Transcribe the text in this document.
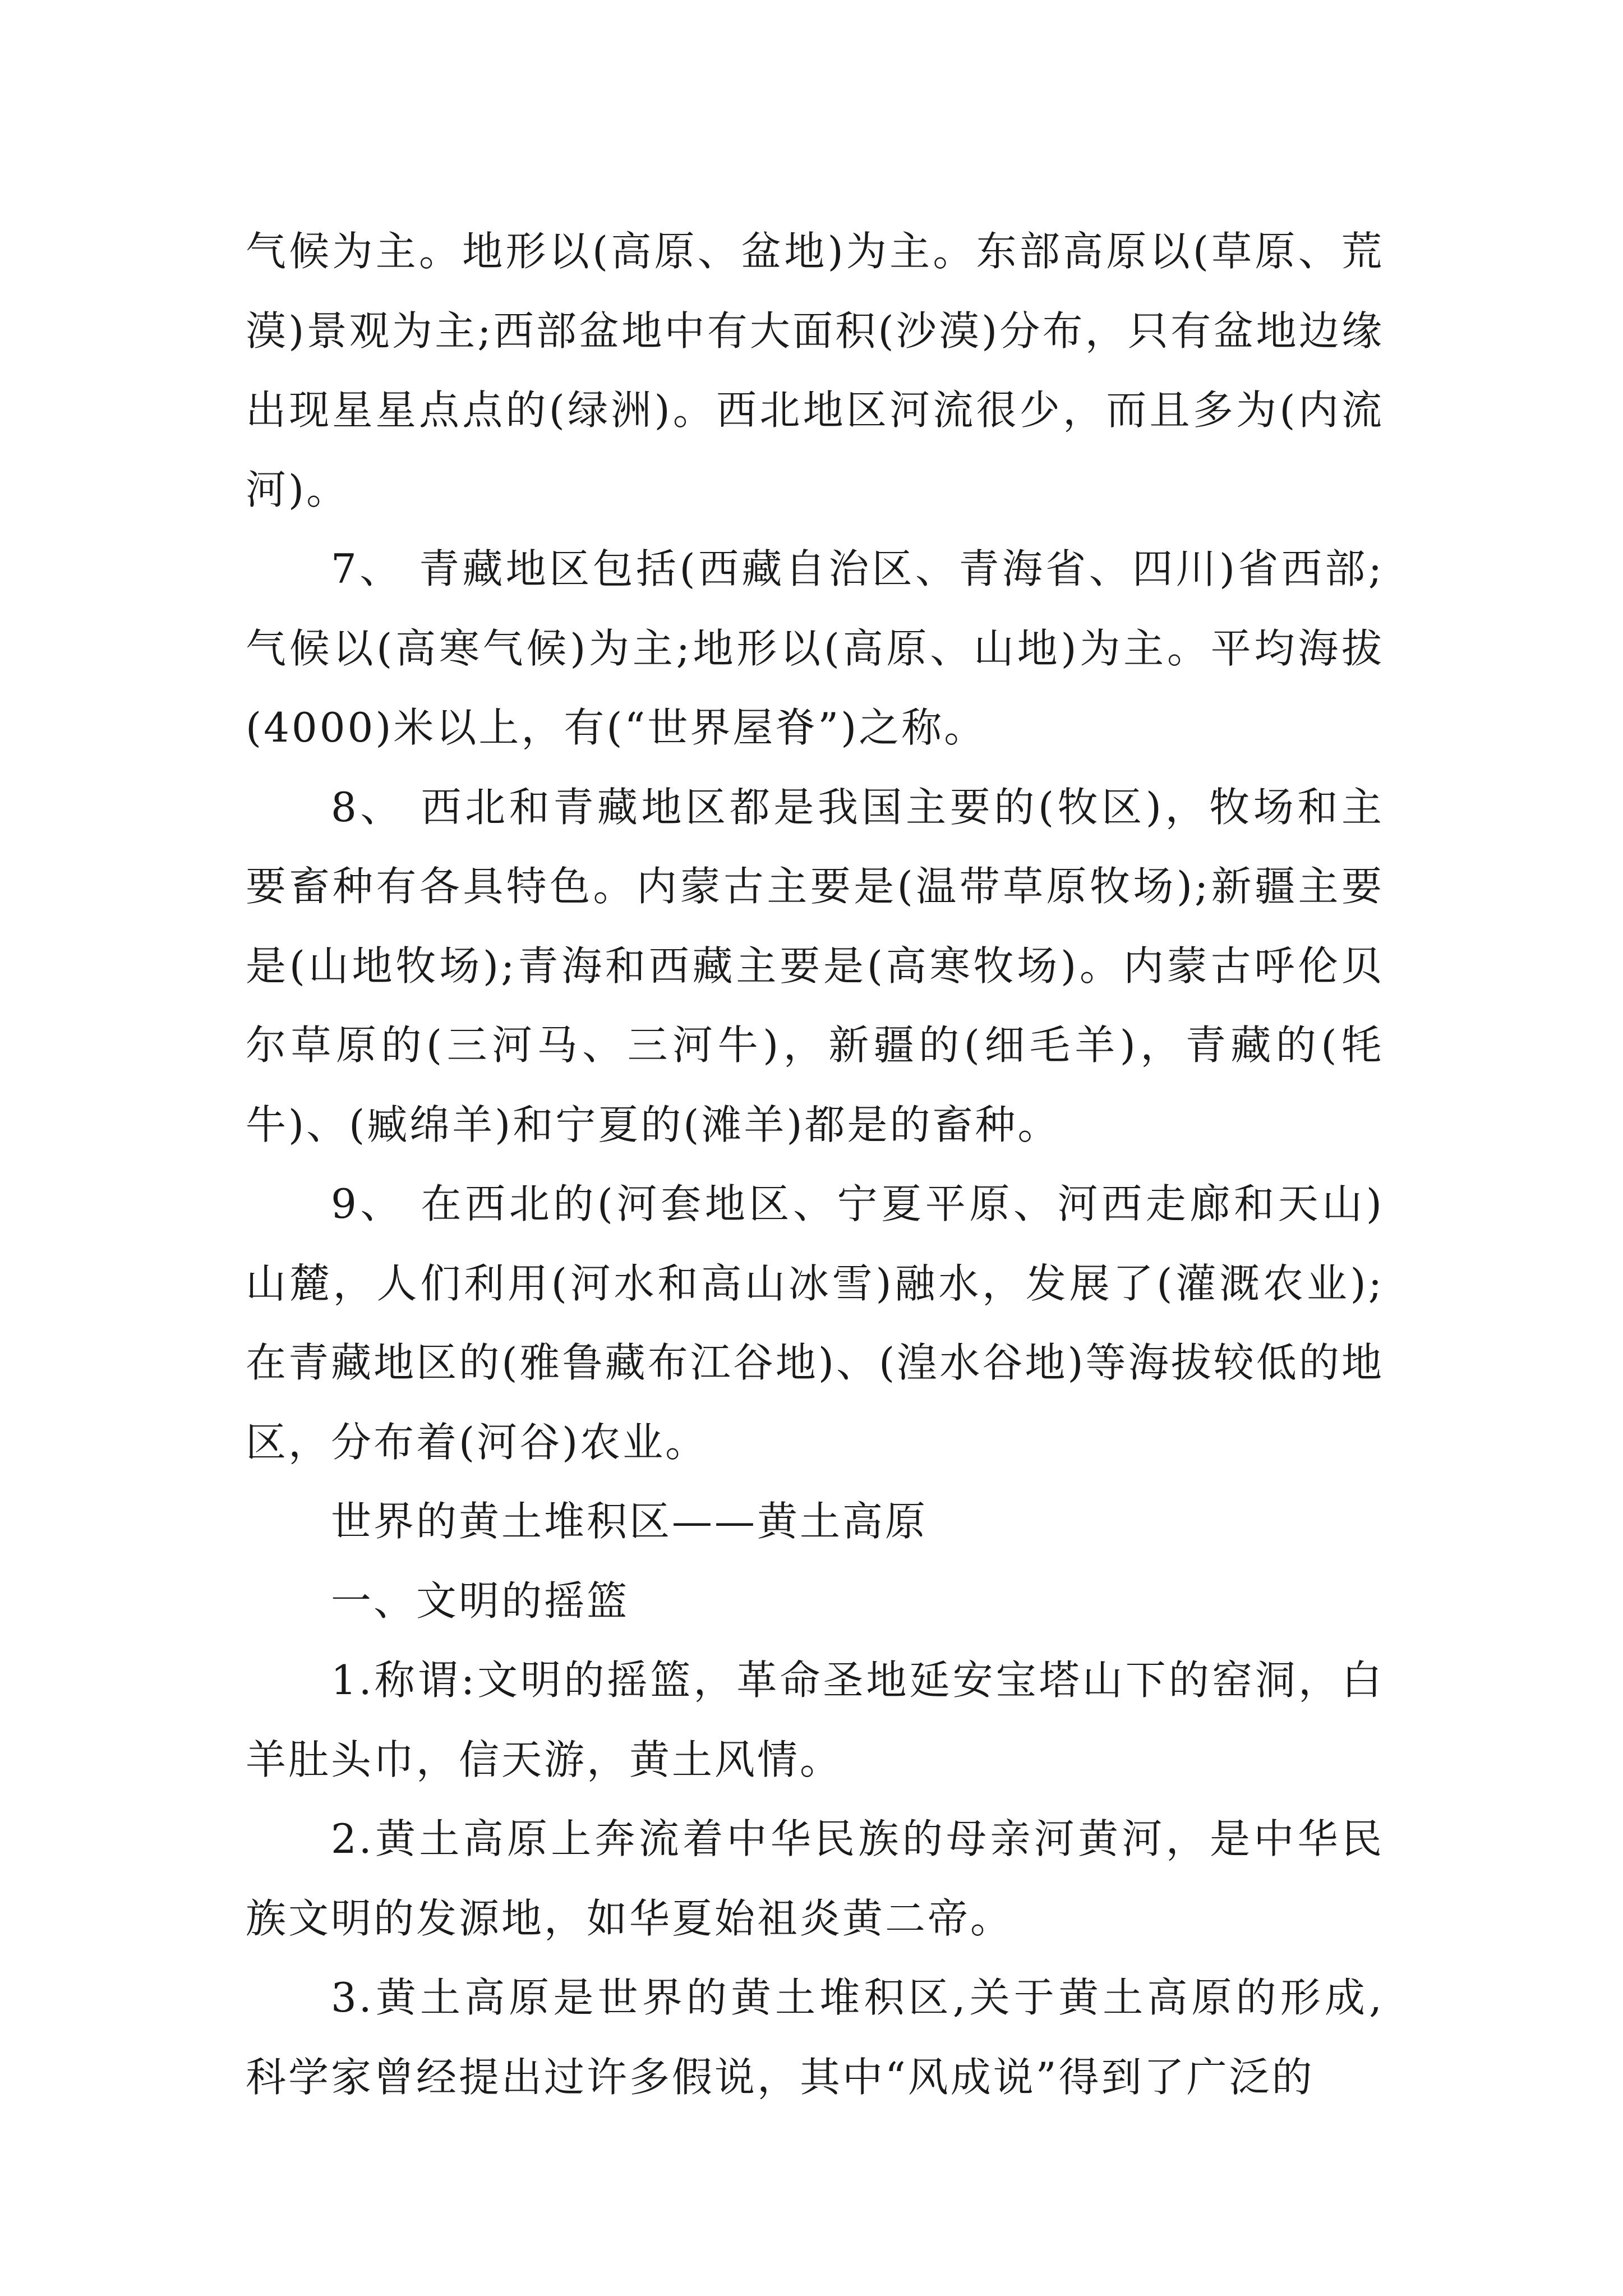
气候为主。地形以(高原、盆地)为主。东部高原以(草原、荒漠)景观为主;西部盆地中有大面积(沙漠)分布，只有盆地边缘出现星星点点的(绿洲)。西北地区河流很少，而且多为(内流河)。

7、 青藏地区包括(西藏自治区、青海省、四川)省西部;气候以(高寒气候)为主;地形以(高原、山地)为主。平均海拔(4000)米以上，有(“世界屋脊”)之称。

8、 西北和青藏地区都是我国主要的(牧区)，牧场和主要畜种有各具特色。内蒙古主要是(温带草原牧场);新疆主要是(山地牧场);青海和西藏主要是(高寒牧场)。内蒙古呼伦贝尔草原的(三河马、三河牛)，新疆的(细毛羊)，青藏的(牦牛)、(臧绵羊)和宁夏的(滩羊)都是的畜种。

9、 在西北的(河套地区、宁夏平原、河西走廊和天山)山麓，人们利用(河水和高山冰雪)融水，发展了(灌溉农业);在青藏地区的(雅鲁藏布江谷地)、(湟水谷地)等海拔较低的地区，分布着(河谷)农业。

世界的黄土堆积区——黄土高原

一、文明的摇篮

1.称谓:文明的摇篮，革命圣地延安宝塔山下的窑洞，白羊肚头巾，信天游，黄土风情。

2.黄土高原上奔流着中华民族的母亲河黄河，是中华民族文明的发源地，如华夏始祖炎黄二帝。

3.黄土高原是世界的黄土堆积区,关于黄土高原的形成,科学家曾经提出过许多假说，其中“风成说”得到了广泛的
